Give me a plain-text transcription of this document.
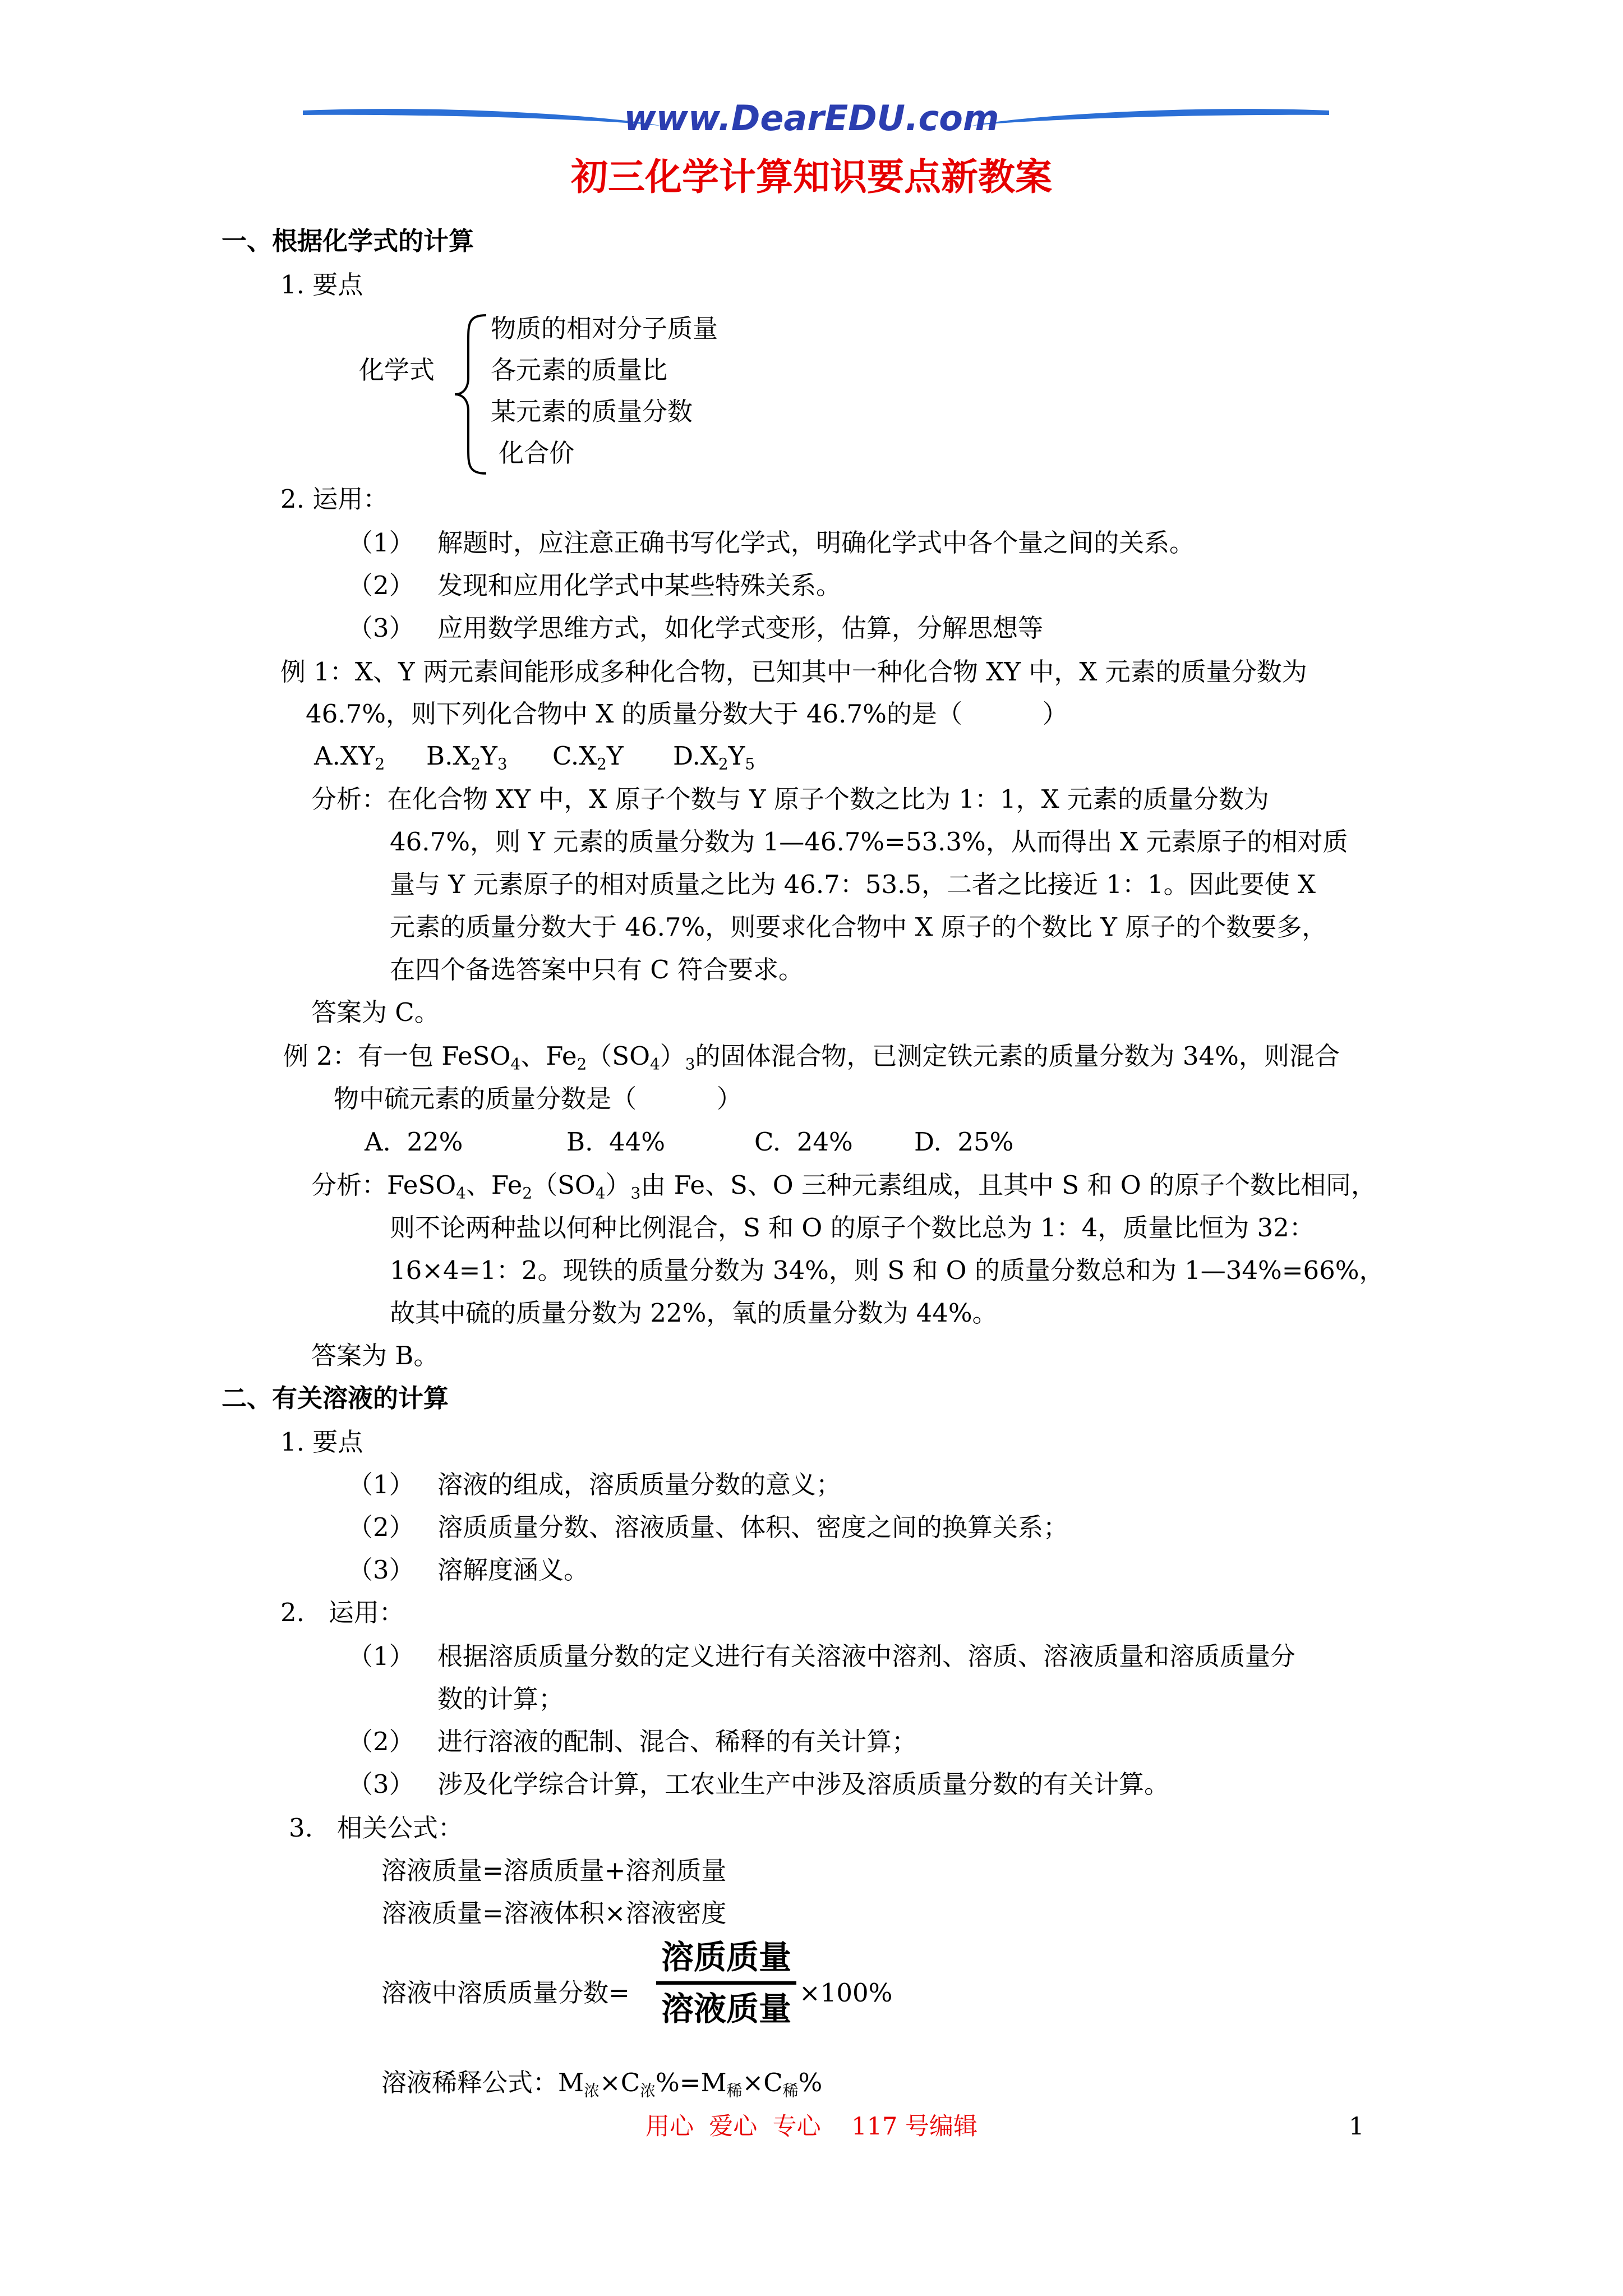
www.DearEDU.com
初三化学计算知识要点新教案
一、根据化学式的计算
1. 要点
化学式
物质的相对分子质量
各元素的质量比
某元素的质量分数
化合价
2. 运用：
（1） 解题时，应注意正确书写化学式，明确化学式中各个量之间的关系。
（2） 发现和应用化学式中某些特殊关系。
（3） 应用数学思维方式，如化学式变形，估算，分解思想等
例 1：X、Y 两元素间能形成多种化合物，已知其中一种化合物 XY 中，X 元素的质量分数为
46.7%，则下列化合物中 X 的质量分数大于 46.7%的是（          ）
$A.XY_2$ $B.X_2Y_3$ $C.X_2Y$ $D.X_2Y_5$
分析：在化合物 XY 中，X 原子个数与 Y 原子个数之比为 1：1，X 元素的质量分数为
46.7%，则 Y 元素的质量分数为 1—46.7%=53.3%，从而得出 X 元素原子的相对质
量与 Y 元素原子的相对质量之比为 46.7：53.5，二者之比接近 1：1。因此要使 X
元素的质量分数大于 46.7%，则要求化合物中 X 原子的个数比 Y 原子的个数要多，
在四个备选答案中只有 C 符合要求。
答案为 C。
例 2：有一包 FeSO$_4$、$Fe_2(SO_4)_3$的固体混合物，已测定铁元素的质量分数为 34%，则混合
物中硫元素的质量分数是（          ）
A.  22%	B.  44%	C.  24% D.  25%
分析：FeSO$_4$、$Fe_2(SO_4)_3$由 Fe、S、O 三种元素组成，且其中 S 和 O 的原子个数比相同，
则不论两种盐以何种比例混合，S 和 O 的原子个数比总为 1：4，质量比恒为 32：
16×4=1：2。现铁的质量分数为 34%，则 S 和 O 的质量分数总和为 1—34%=66%，
故其中硫的质量分数为 22%，氧的质量分数为 44%。
答案为 B。
二、有关溶液的计算
1. 要点
（1） 溶液的组成，溶质质量分数的意义；
（2） 溶质质量分数、溶液质量、体积、密度之间的换算关系；
（3） 溶解度涵义。
2.   运用：
（1） 根据溶质质量分数的定义进行有关溶液中溶剂、溶质、溶液质量和溶质质量分
数的计算；
（2） 进行溶液的配制、混合、稀释的有关计算；
（3） 涉及化学综合计算，工农业生产中涉及溶质质量分数的有关计算。
3.   相关公式：
溶液质量=溶质质量+溶剂质量
溶液质量=溶液体积×溶液密度
溶液中溶质质量分数=
溶质质量
溶液质量 ×100%
溶液稀释公式：$M_浓\times C_浓\%=M_稀\times C_稀\%$
用心  爱心  专心    117 号编辑	1
